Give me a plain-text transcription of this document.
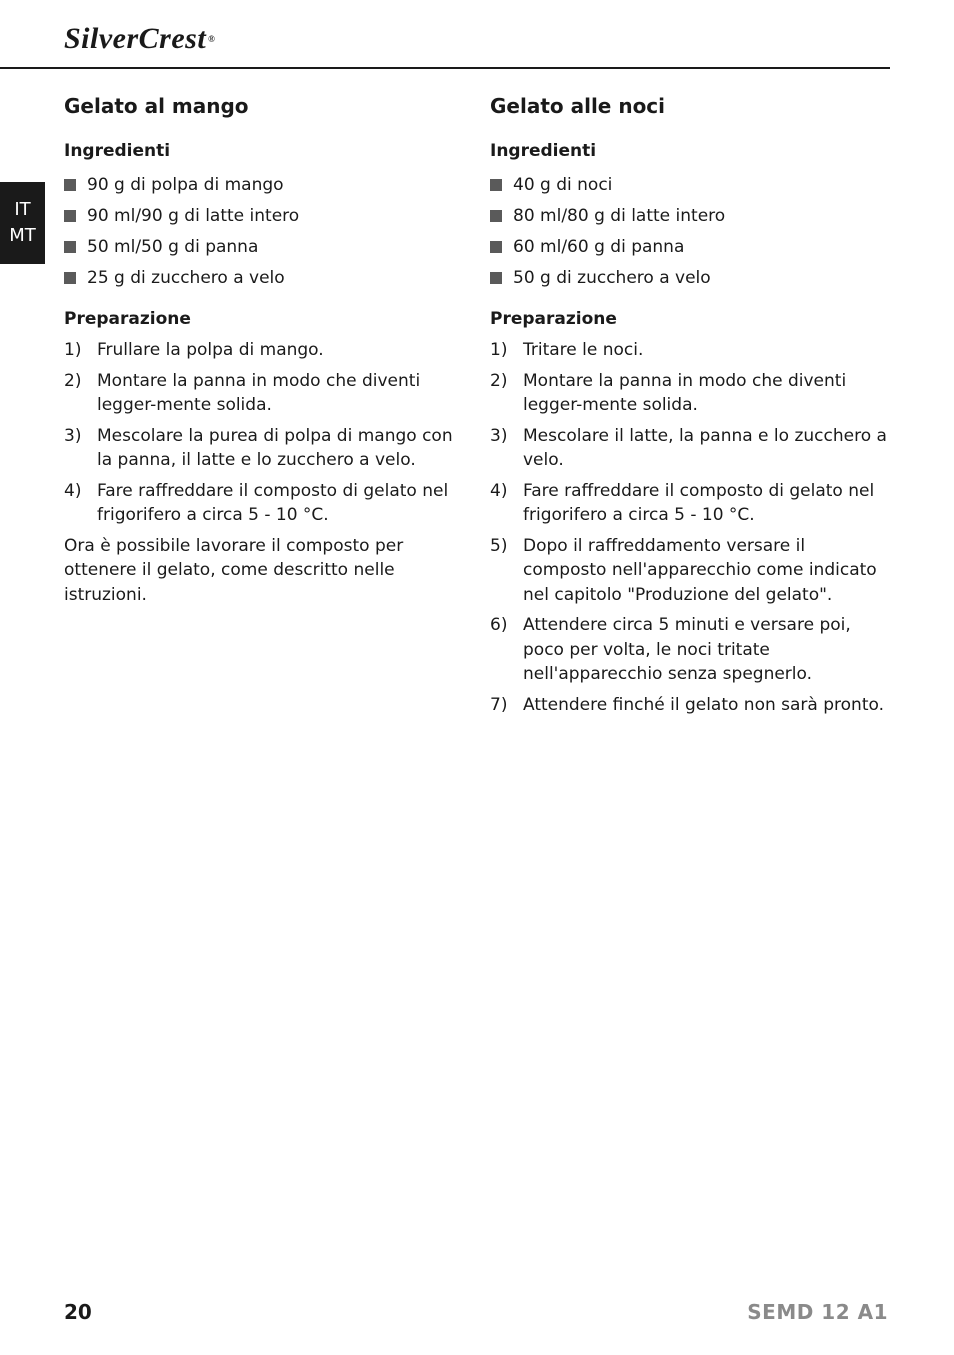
SilverCrest ®
IT
MT
Gelato al mango
Ingredienti
90 g di polpa di mango
90 ml/90 g di latte intero
50 ml/50 g di panna
25 g di zucchero a velo
Preparazione
1) Frullare la polpa di mango.
2) Montare la panna in modo che diventi legger-mente solida.
3) Mescolare la purea di polpa di mango con la panna, il latte e lo zucchero a velo.
4) Fare raffreddare il composto di gelato nel frigorifero a circa 5 - 10 °C.

Ora è possibile lavorare il composto per ottenere il gelato, come descritto nelle istruzioni.

Gelato alle noci
Ingredienti
40 g di noci
80 ml/80 g di latte intero
60 ml/60 g di panna
50 g di zucchero a velo
Preparazione
1) Tritare le noci.
2) Montare la panna in modo che diventi legger-mente solida.
3) Mescolare il latte, la panna e lo zucchero a velo.
4) Fare raffreddare il composto di gelato nel frigorifero a circa 5 - 10 °C.
5) Dopo il raffreddamento versare il composto nell'apparecchio come indicato nel capitolo "Produzione del gelato".
6) Attendere circa 5 minuti e versare poi, poco per volta, le noci tritate nell'apparecchio senza spegnerlo.
7) Attendere finché il gelato non sarà pronto.
20	SEMD 12 A1
